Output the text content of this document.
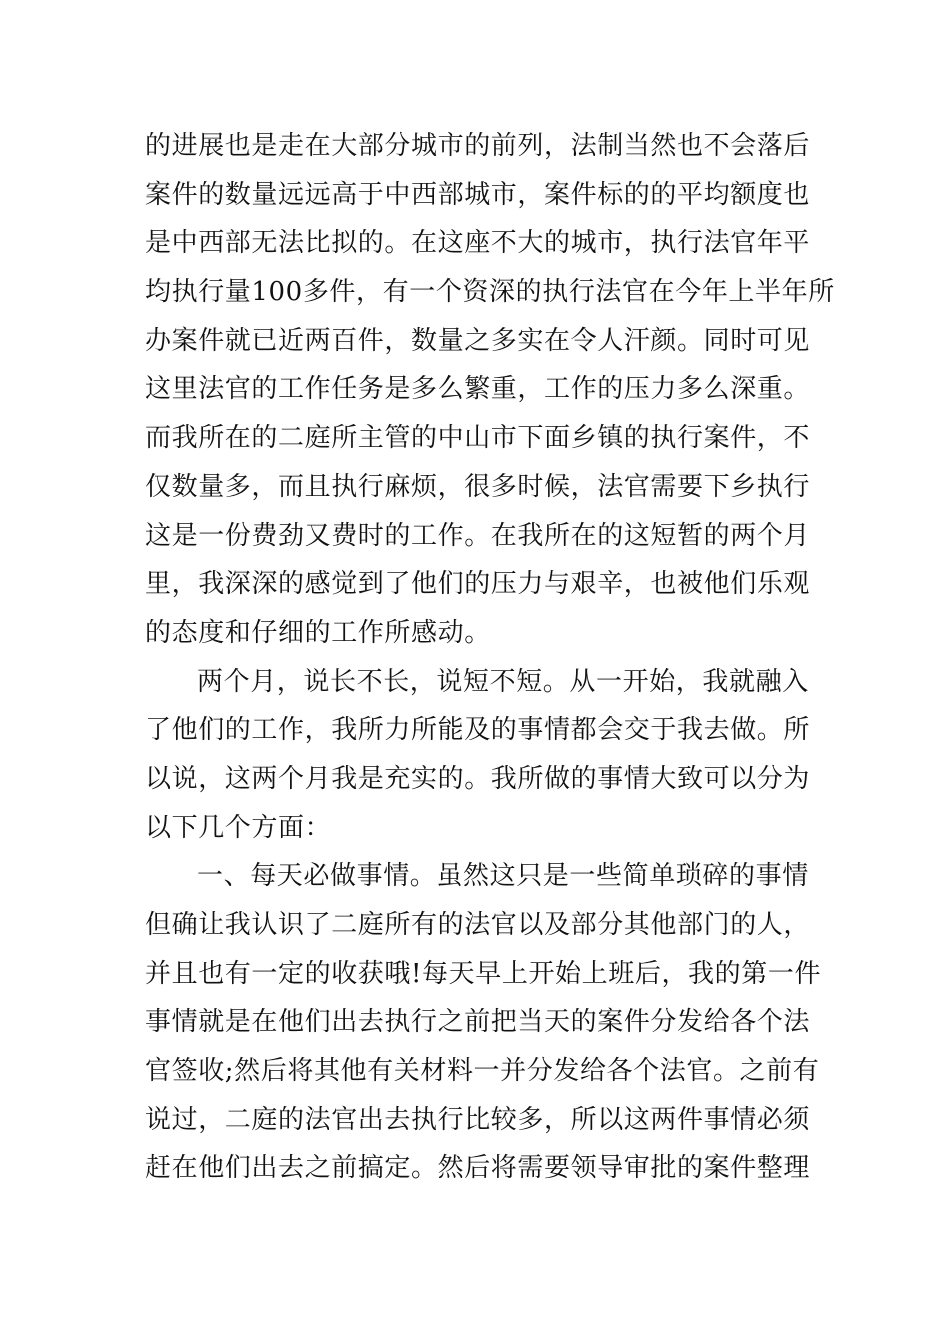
的进展也是走在大部分城市的前列，法制当然也不会落后
案件的数量远远高于中西部城市，案件标的的平均额度也
是中西部无法比拟的。在这座不大的城市，执行法官年平
均执行量100多件，有一个资深的执行法官在今年上半年所
办案件就已近两百件，数量之多实在令人汗颜。同时可见
这里法官的工作任务是多么繁重，工作的压力多么深重。
而我所在的二庭所主管的中山市下面乡镇的执行案件，不
仅数量多，而且执行麻烦，很多时候，法官需要下乡执行
这是一份费劲又费时的工作。在我所在的这短暂的两个月
里，我深深的感觉到了他们的压力与艰辛，也被他们乐观
的态度和仔细的工作所感动。
两个月，说长不长，说短不短。从一开始，我就融入
了他们的工作，我所力所能及的事情都会交于我去做。所
以说，这两个月我是充实的。我所做的事情大致可以分为
以下几个方面：
一、每天必做事情。虽然这只是一些简单琐碎的事情
但确让我认识了二庭所有的法官以及部分其他部门的人，
并且也有一定的收获哦!每天早上开始上班后，我的第一件
事情就是在他们出去执行之前把当天的案件分发给各个法
官签收;然后将其他有关材料一并分发给各个法官。之前有
说过，二庭的法官出去执行比较多，所以这两件事情必须
赶在他们出去之前搞定。然后将需要领导审批的案件整理
